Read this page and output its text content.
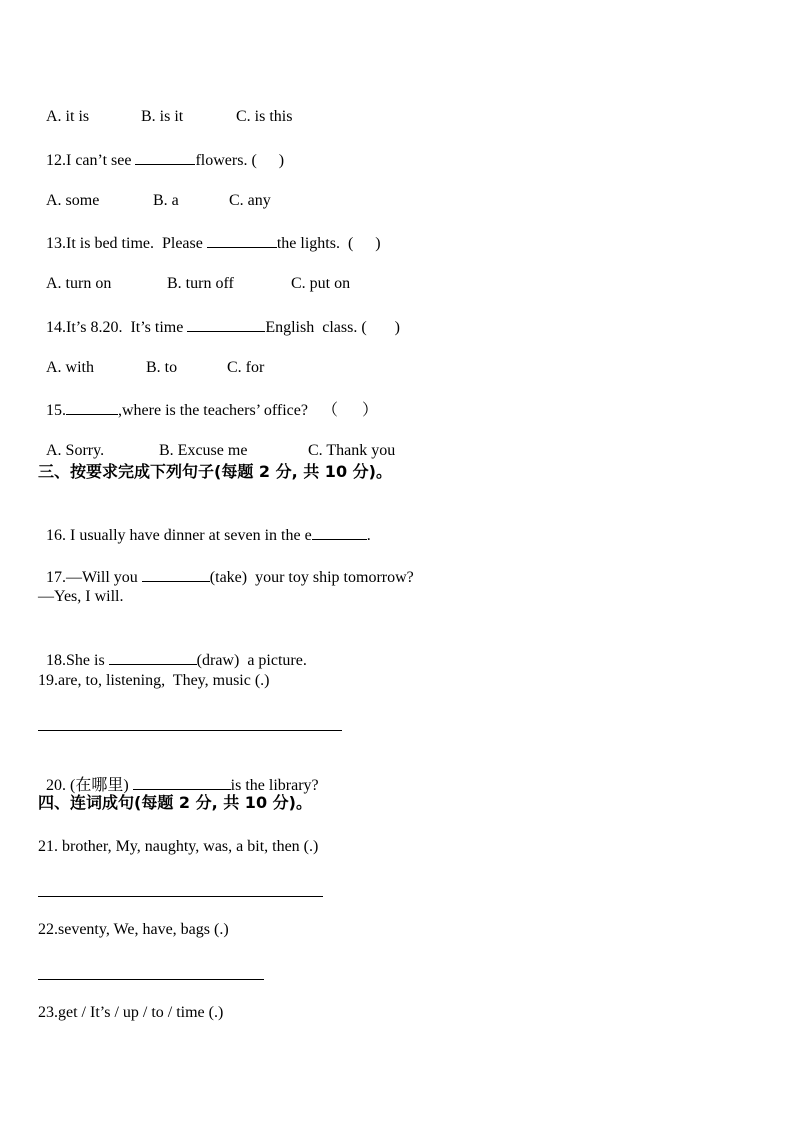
A. it is	B. is it	C. is this

12.I can’t see	flowers. ( )

A. some	B. a	C. any

13.It is bed time.  Please	the lights.  ( )

A. turn on	B. turn off	C. put on

14.It’s 8.20.  It’s time	English  class. ( )

A. with	B. to	C. for

15.	,where is the teachers’ office? （      ）

A. Sorry.	B. Excuse me	C. Thank you

三、按要求完成下列句子(每题 2 分, 共 10 分)。

16. I usually have dinner at seven in the e	.

17.—Will you	(take)  your toy ship tomorrow?

—Yes, I will.

18.She is	(draw)  a picture.

19.are, to, listening,  They, music (.)

20. (在哪里)	is the library?

四、连词成句(每题 2 分, 共 10 分)。
21. brother, My, naughty, was, a bit, then (.)
22.seventy, We, have, bags (.)
23.get / It’s / up / to / time (.)
